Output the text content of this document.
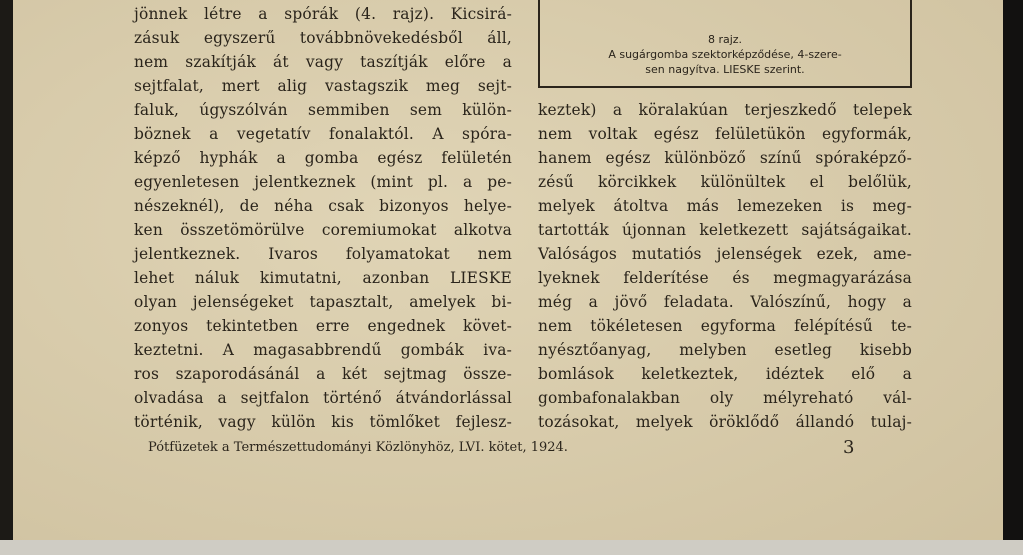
jönnek létre a spórák (4. rajz). Kicsirá-
zásuk egyszerű továbbnövekedésből áll,
nem szakítják át vagy taszítják előre a
sejtfalat, mert alig vastagszik meg sejt-
faluk, úgyszólván semmiben sem külön-
böznek a vegetatív fonalaktól. A spóra-
képző hyphák a gomba egész felületén
egyenletesen jelentkeznek (mint pl. a pe-
nészeknél), de néha csak bizonyos helye-
ken összetömörülve coremiumokat alkotva
jelentkeznek. Ivaros folyamatokat nem
lehet náluk kimutatni, azonban LIESKE
olyan jelenségeket tapasztalt, amelyek bi-
zonyos tekintetben erre engednek követ-
keztetni. A magasabbrendű gombák iva-
ros szaporodásánál a két sejtmag össze-
olvadása a sejtfalon történő átvándorlással
történik, vagy külön kis tömlőket fejlesz-
8 rajz.
A sugárgomba szektorképződése, 4-szere-
sen nagyítva. LIESKE szerint.
keztek) a köralakúan terjeszkedő telepek
nem voltak egész felületükön egyformák,
hanem egész különböző színű spóraképző-
zésű körcikkek különültek el belőlük,
melyek átoltva más lemezeken is meg-
tartották újonnan keletkezett sajátságaikat.
Valóságos mutatiós jelenségek ezek, ame-
lyeknek felderítése és megmagyarázása
még a jövő feladata. Valószínű, hogy a
nem tökéletesen egyforma felépítésű te-
nyésztőanyag, melyben esetleg kisebb
bomlások keletkeztek, idéztek elő a
gombafonalakban oly mélyreható vál-
tozásokat, melyek öröklődő állandó tulaj-
Pótfüzetek a Természettudományi Közlönyhöz, LVI. kötet, 1924.	3
